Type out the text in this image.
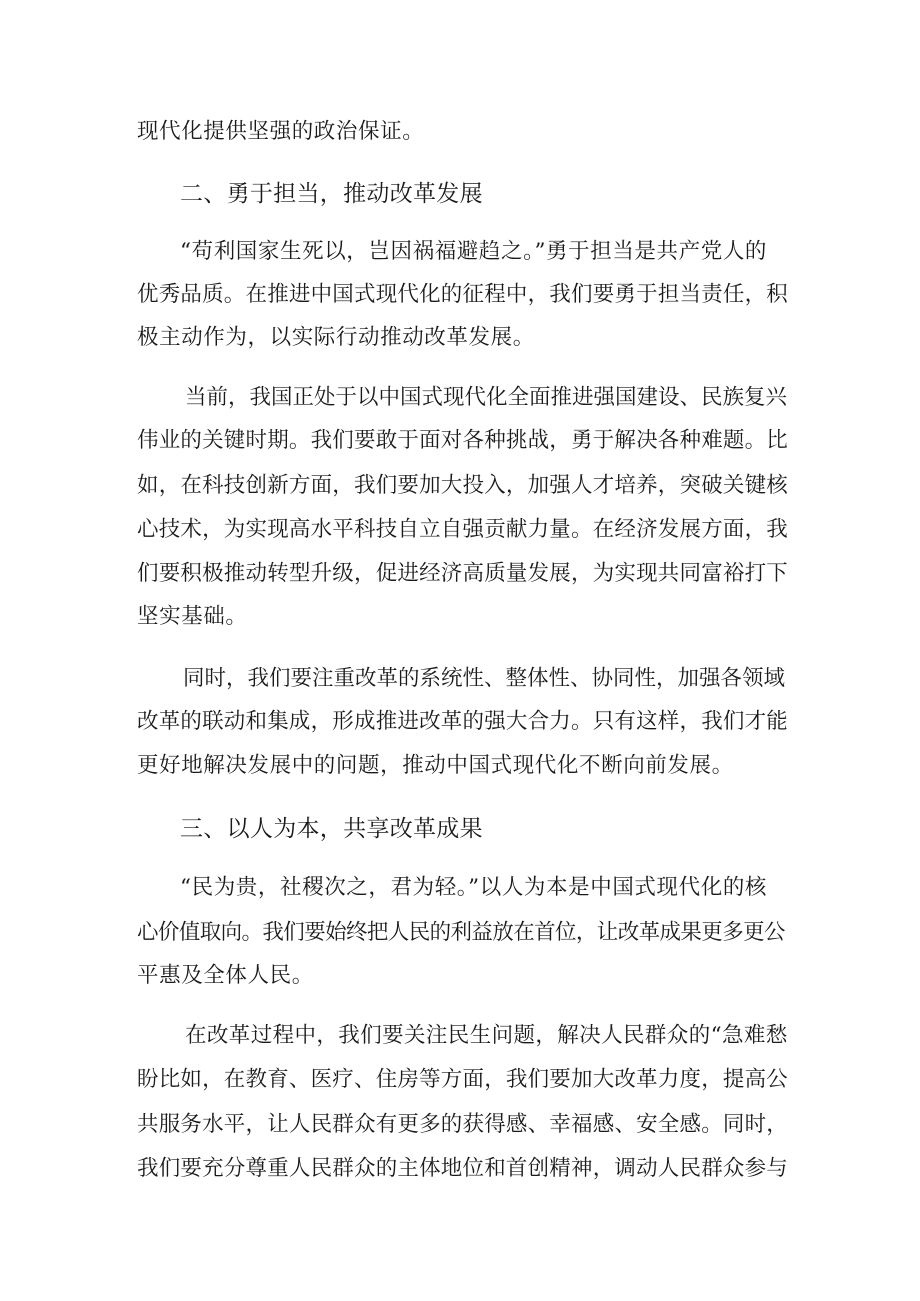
现代化提供坚强的政治保证。
二、勇于担当，推动改革发展
“苟利国家生死以，岂因祸福避趋之。”勇于担当是共产党人的
优秀品质。在推进中国式现代化的征程中，我们要勇于担当责任，积
极主动作为，以实际行动推动改革发展。
当前，我国正处于以中国式现代化全面推进强国建设、民族复兴
伟业的关键时期。我们要敢于面对各种挑战，勇于解决各种难题。比
如，在科技创新方面，我们要加大投入，加强人才培养，突破关键核
心技术，为实现高水平科技自立自强贡献力量。在经济发展方面，我
们要积极推动转型升级，促进经济高质量发展，为实现共同富裕打下
坚实基础。
同时，我们要注重改革的系统性、整体性、协同性，加强各领域
改革的联动和集成，形成推进改革的强大合力。只有这样，我们才能
更好地解决发展中的问题，推动中国式现代化不断向前发展。
三、以人为本，共享改革成果
“民为贵，社稷次之，君为轻。”以人为本是中国式现代化的核
心价值取向。我们要始终把人民的利益放在首位，让改革成果更多更公
平惠及全体人民。
在改革过程中，我们要关注民生问题，解决人民群众的“急难愁
盼比如，在教育、医疗、住房等方面，我们要加大改革力度，提高公
共服务水平，让人民群众有更多的获得感、幸福感、安全感。同时，
我们要充分尊重人民群众的主体地位和首创精神，调动人民群众参与
